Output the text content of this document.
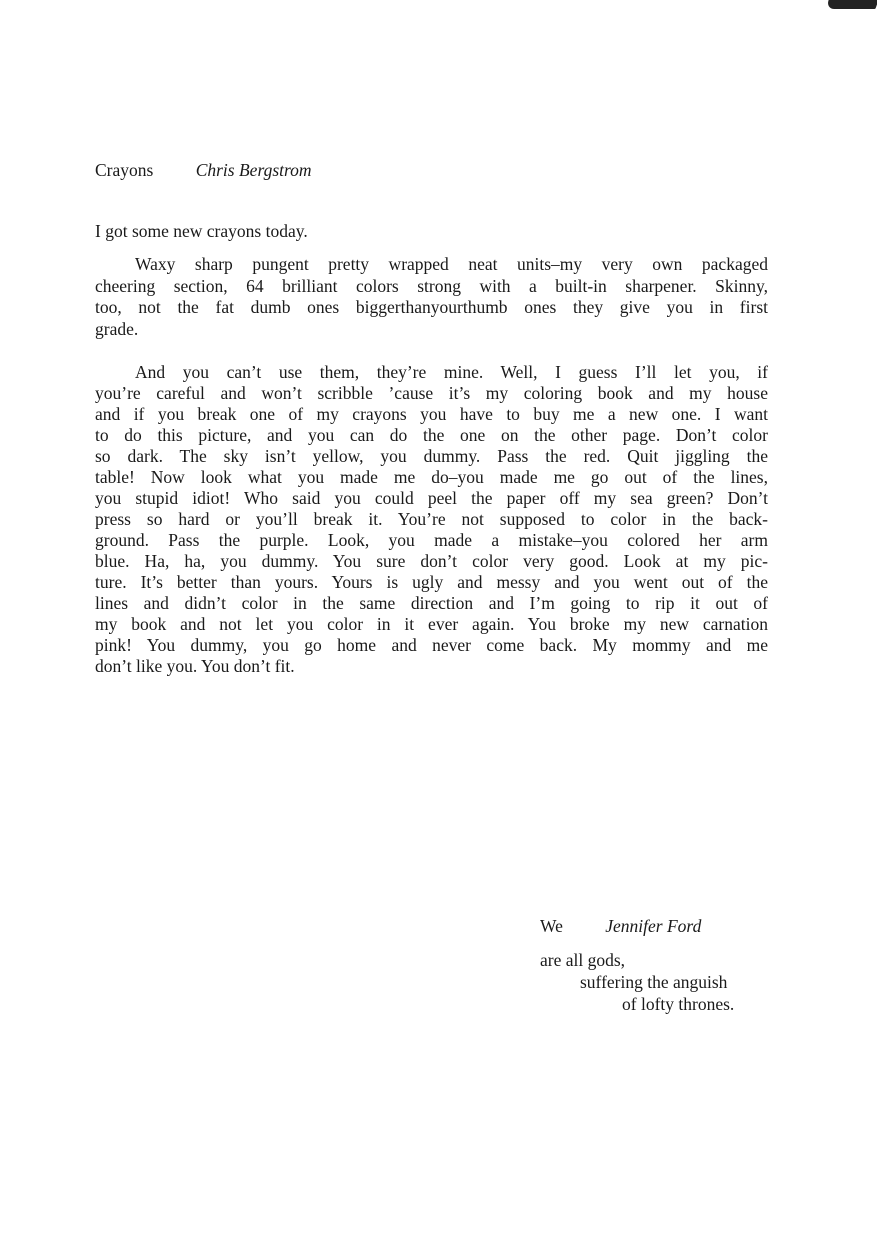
Crayons Chris Bergstrom
I got some new crayons today.
Waxy sharp pungent pretty wrapped neat units–my very own packaged
cheering section, 64 brilliant colors strong with a built-in sharpener. Skinny,
too, not the fat dumb ones biggerthanyourthumb ones they give you in first
grade.
And you can’t use them, they’re mine. Well, I guess I’ll let you, if
you’re careful and won’t scribble ’cause it’s my coloring book and my house
and if you break one of my crayons you have to buy me a new one. I want
to do this picture, and you can do the one on the other page. Don’t color
so dark. The sky isn’t yellow, you dummy. Pass the red. Quit jiggling the
table! Now look what you made me do–you made me go out of the lines,
you stupid idiot! Who said you could peel the paper off my sea green? Don’t
press so hard or you’ll break it. You’re not supposed to color in the back-
ground. Pass the purple. Look, you made a mistake–you colored her arm
blue. Ha, ha, you dummy. You sure don’t color very good. Look at my pic-
ture. It’s better than yours. Yours is ugly and messy and you went out of the
lines and didn’t color in the same direction and I’m going to rip it out of
my book and not let you color in it ever again. You broke my new carnation
pink! You dummy, you go home and never come back. My mommy and me
don’t like you. You don’t fit.
We Jennifer Ford
are all gods,
suffering the anguish
of lofty thrones.
